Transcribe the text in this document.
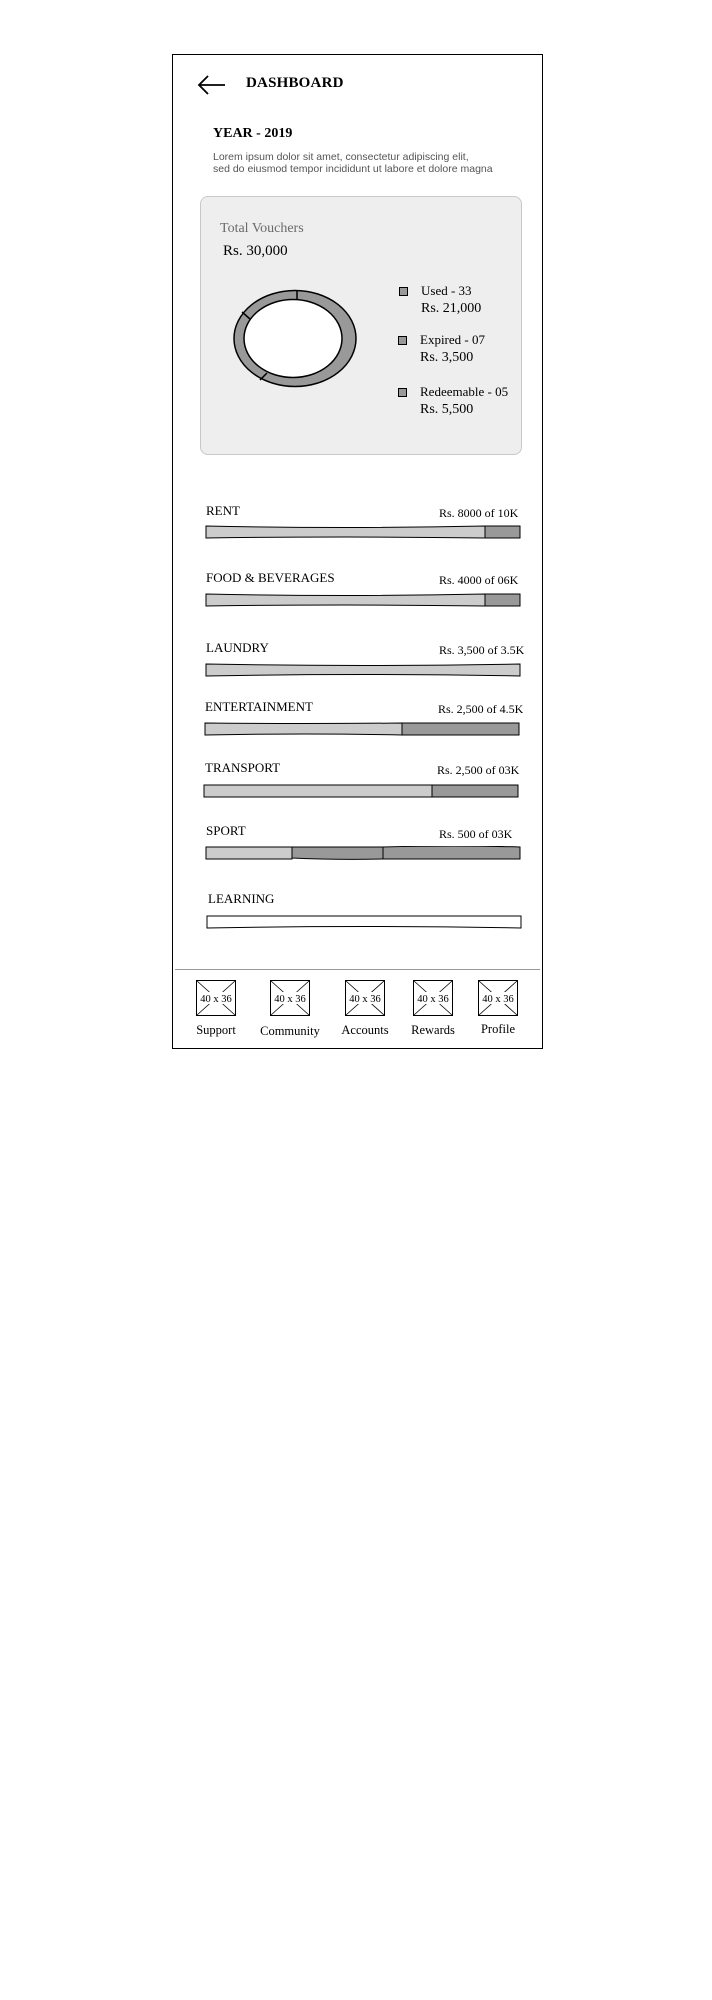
DASHBOARD
YEAR - 2019
Lorem ipsum dolor sit amet, consectetur adipiscing elit,
sed do eiusmod tempor incididunt ut labore et dolore magna
Total Vouchers
Rs. 30,000
Used - 33
Rs. 21,000
Expired - 07
Rs. 3,500
Redeemable - 05
Rs. 5,500
RENT	Rs. 8000 of 10K
FOOD & BEVERAGES	Rs. 4000 of 06K
LAUNDRY	Rs. 3,500 of 3.5K
ENTERTAINMENT	Rs. 2,500 of 4.5K
TRANSPORT	Rs. 2,500 of 03K
SPORT	Rs. 500 of 03K
LEARNING
40 x 36
Support
40 x 36
Community
40 x 36
Accounts
40 x 36
Rewards
40 x 36
Profile
